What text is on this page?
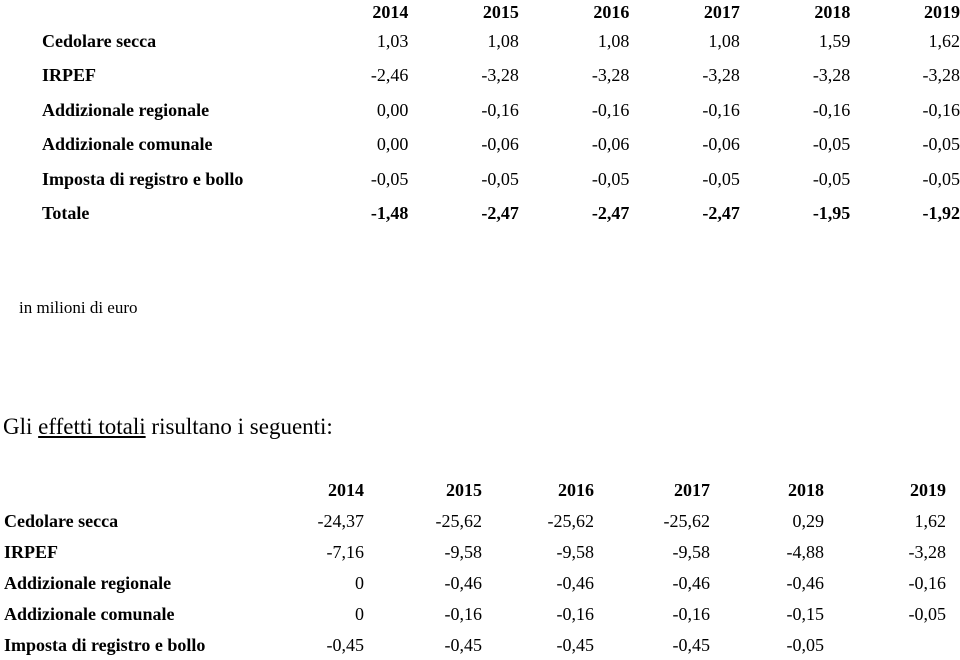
	2014	2015	2016	2017	2018	2019
Cedolare secca	1,03	1,08	1,08	1,08	1,59	1,62
IRPEF	-2,46	-3,28	-3,28	-3,28	-3,28	-3,28
Addizionale regionale	0,00	-0,16	-0,16	-0,16	-0,16	-0,16
Addizionale comunale	0,00	-0,06	-0,06	-0,06	-0,05	-0,05
Imposta di registro e bollo	-0,05	-0,05	-0,05	-0,05	-0,05	-0,05
Totale	-1,48	-2,47	-2,47	-2,47	-1,95	-1,92
in milioni di euro
Gli effetti totali risultano i seguenti:
	2014	2015	2016	2017	2018	2019
Cedolare secca	-24,37	-25,62	-25,62	-25,62	0,29	1,62
IRPEF	-7,16	-9,58	-9,58	-9,58	-4,88	-3,28
Addizionale regionale	0	-0,46	-0,46	-0,46	-0,46	-0,16
Addizionale comunale	0	-0,16	-0,16	-0,16	-0,15	-0,05
Imposta di registro e bollo	-0,45	-0,45	-0,45	-0,45	-0,05	
